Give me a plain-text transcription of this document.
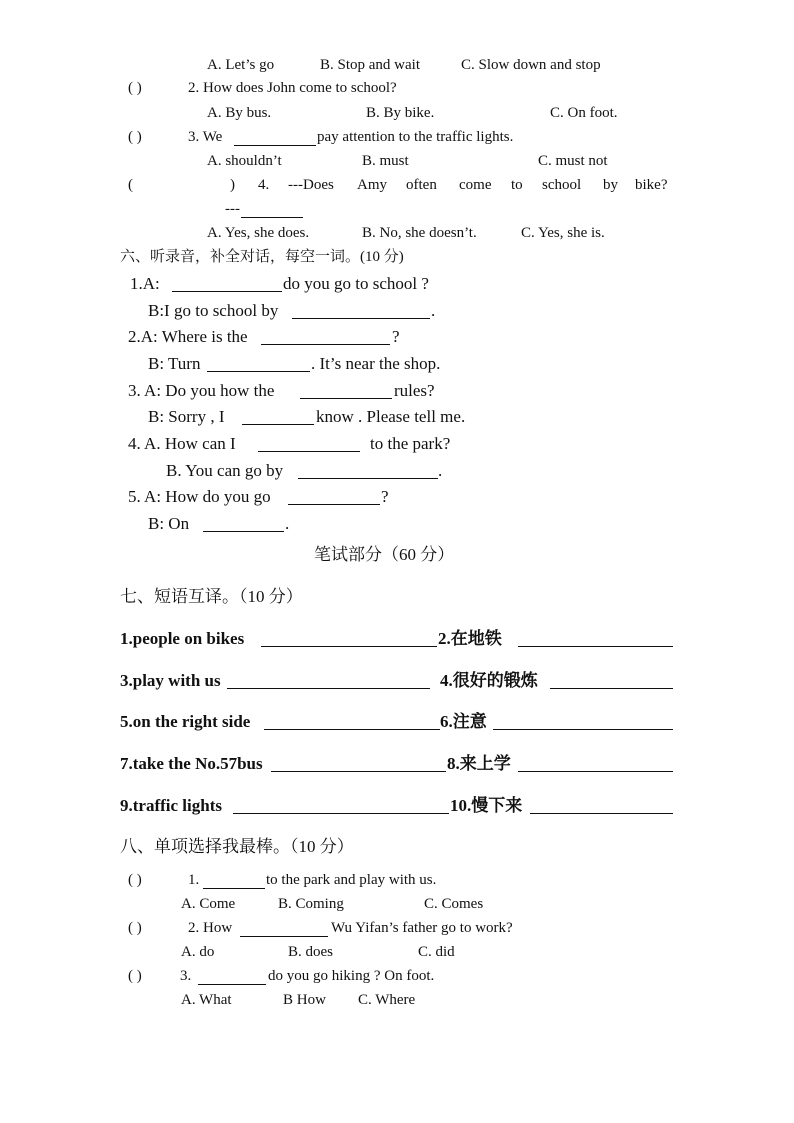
A. Let’s go	B. Stop and wait	C. Slow down and stop
( )	2. How does John come to school?
A. By bus.	B. By bike.	C. On foot.
( )	3. We	pay attention to the traffic lights.
A. shouldn’t	B. must	C. must not
(	) 4. ---Does Amy often come to school by bike?
---
A. Yes, she does.	B. No, she doesn’t.	C. Yes, she is.
六、听录音，补全对话，每空一词。(10 分)
1.A:	do you go to school ?
B:I go to school by	.
2.A: Where is the	?
B: Turn	. It’s near the shop.
3. A: Do you how the	rules?
B: Sorry , I	know . Please tell me.
4. A. How can I	to the park?
B. You can go by	.
5. A: How do you go	?
B: On	.
笔试部分（60 分）
七、短语互译。（10 分）
1.people on bikes	2.在地铁
3.play with us	4.很好的锻炼
5.on the right side	6.注意
7.take the No.57bus	8.来上学
9.traffic lights	10.慢下来
八、单项选择我最棒。（10 分）
( )	1.	to the park and play with us.
A. Come	B. Coming	C. Comes
( )	2. How	Wu Yifan’s father go to work?
A. do	B. does	C. did
( )	3.	do you go hiking ? On foot.
A. What	B How C. Where
